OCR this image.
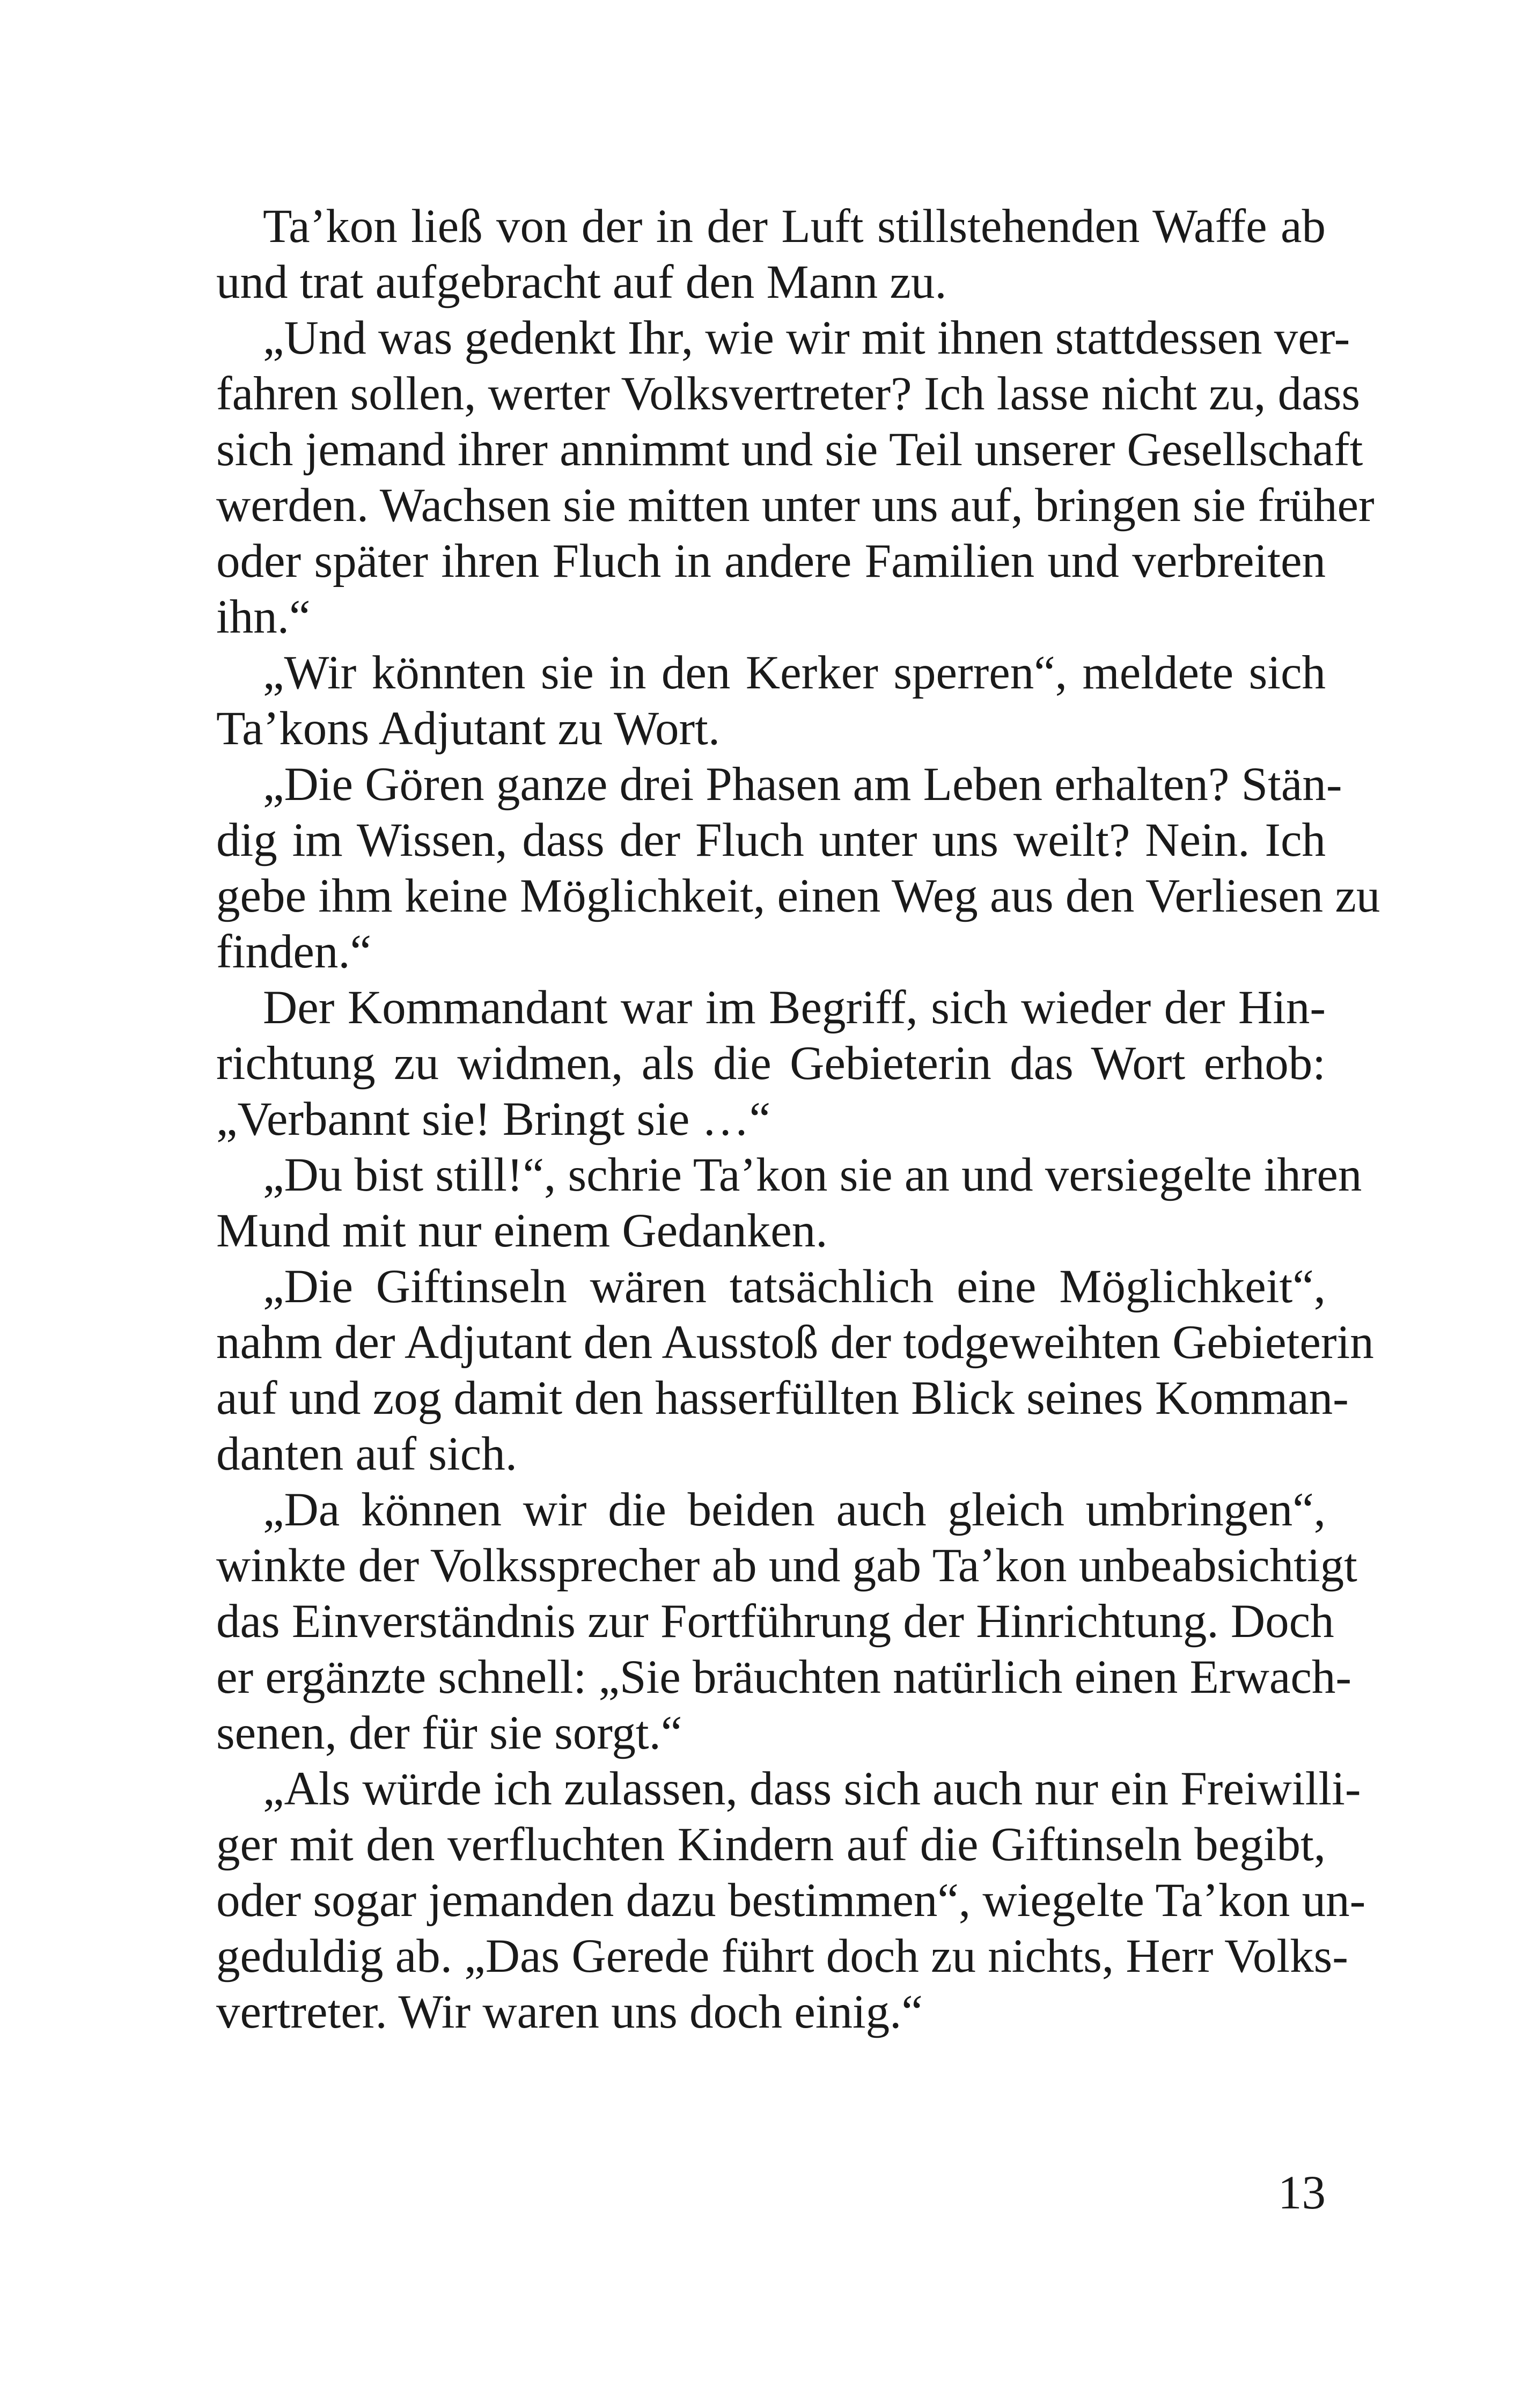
Ta’kon ließ von der in der Luft stillstehenden Waffe ab
und trat aufgebracht auf den Mann zu.

„Und was gedenkt Ihr, wie wir mit ihnen stattdessen ver-
fahren sollen, werter Volksvertreter? Ich lasse nicht zu, dass
sich jemand ihrer annimmt und sie Teil unserer Gesellschaft
werden. Wachsen sie mitten unter uns auf, bringen sie früher
oder später ihren Fluch in andere Familien und verbreiten
ihn.“

„Wir könnten sie in den Kerker sperren“, meldete sich
Ta’kons Adjutant zu Wort.

„Die Gören ganze drei Phasen am Leben erhalten? Stän-
dig im Wissen, dass der Fluch unter uns weilt? Nein. Ich
gebe ihm keine Möglichkeit, einen Weg aus den Verliesen zu
finden.“

Der Kommandant war im Begriff, sich wieder der Hin-
richtung zu widmen, als die Gebieterin das Wort erhob:
„Verbannt sie! Bringt sie …“

„Du bist still!“, schrie Ta’kon sie an und versiegelte ihren
Mund mit nur einem Gedanken.

„Die Giftinseln wären tatsächlich eine Möglichkeit“,
nahm der Adjutant den Ausstoß der todgeweihten Gebieterin
auf und zog damit den hasserfüllten Blick seines Komman-
danten auf sich.

„Da können wir die beiden auch gleich umbringen“,
winkte der Volkssprecher ab und gab Ta’kon unbeabsichtigt
das Einverständnis zur Fortführung der Hinrichtung. Doch
er ergänzte schnell: „Sie bräuchten natürlich einen Erwach-
senen, der für sie sorgt.“

„Als würde ich zulassen, dass sich auch nur ein Freiwilli-
ger mit den verfluchten Kindern auf die Giftinseln begibt,
oder sogar jemanden dazu bestimmen“, wiegelte Ta’kon un-
geduldig ab. „Das Gerede führt doch zu nichts, Herr Volks-
vertreter. Wir waren uns doch einig.“

13
